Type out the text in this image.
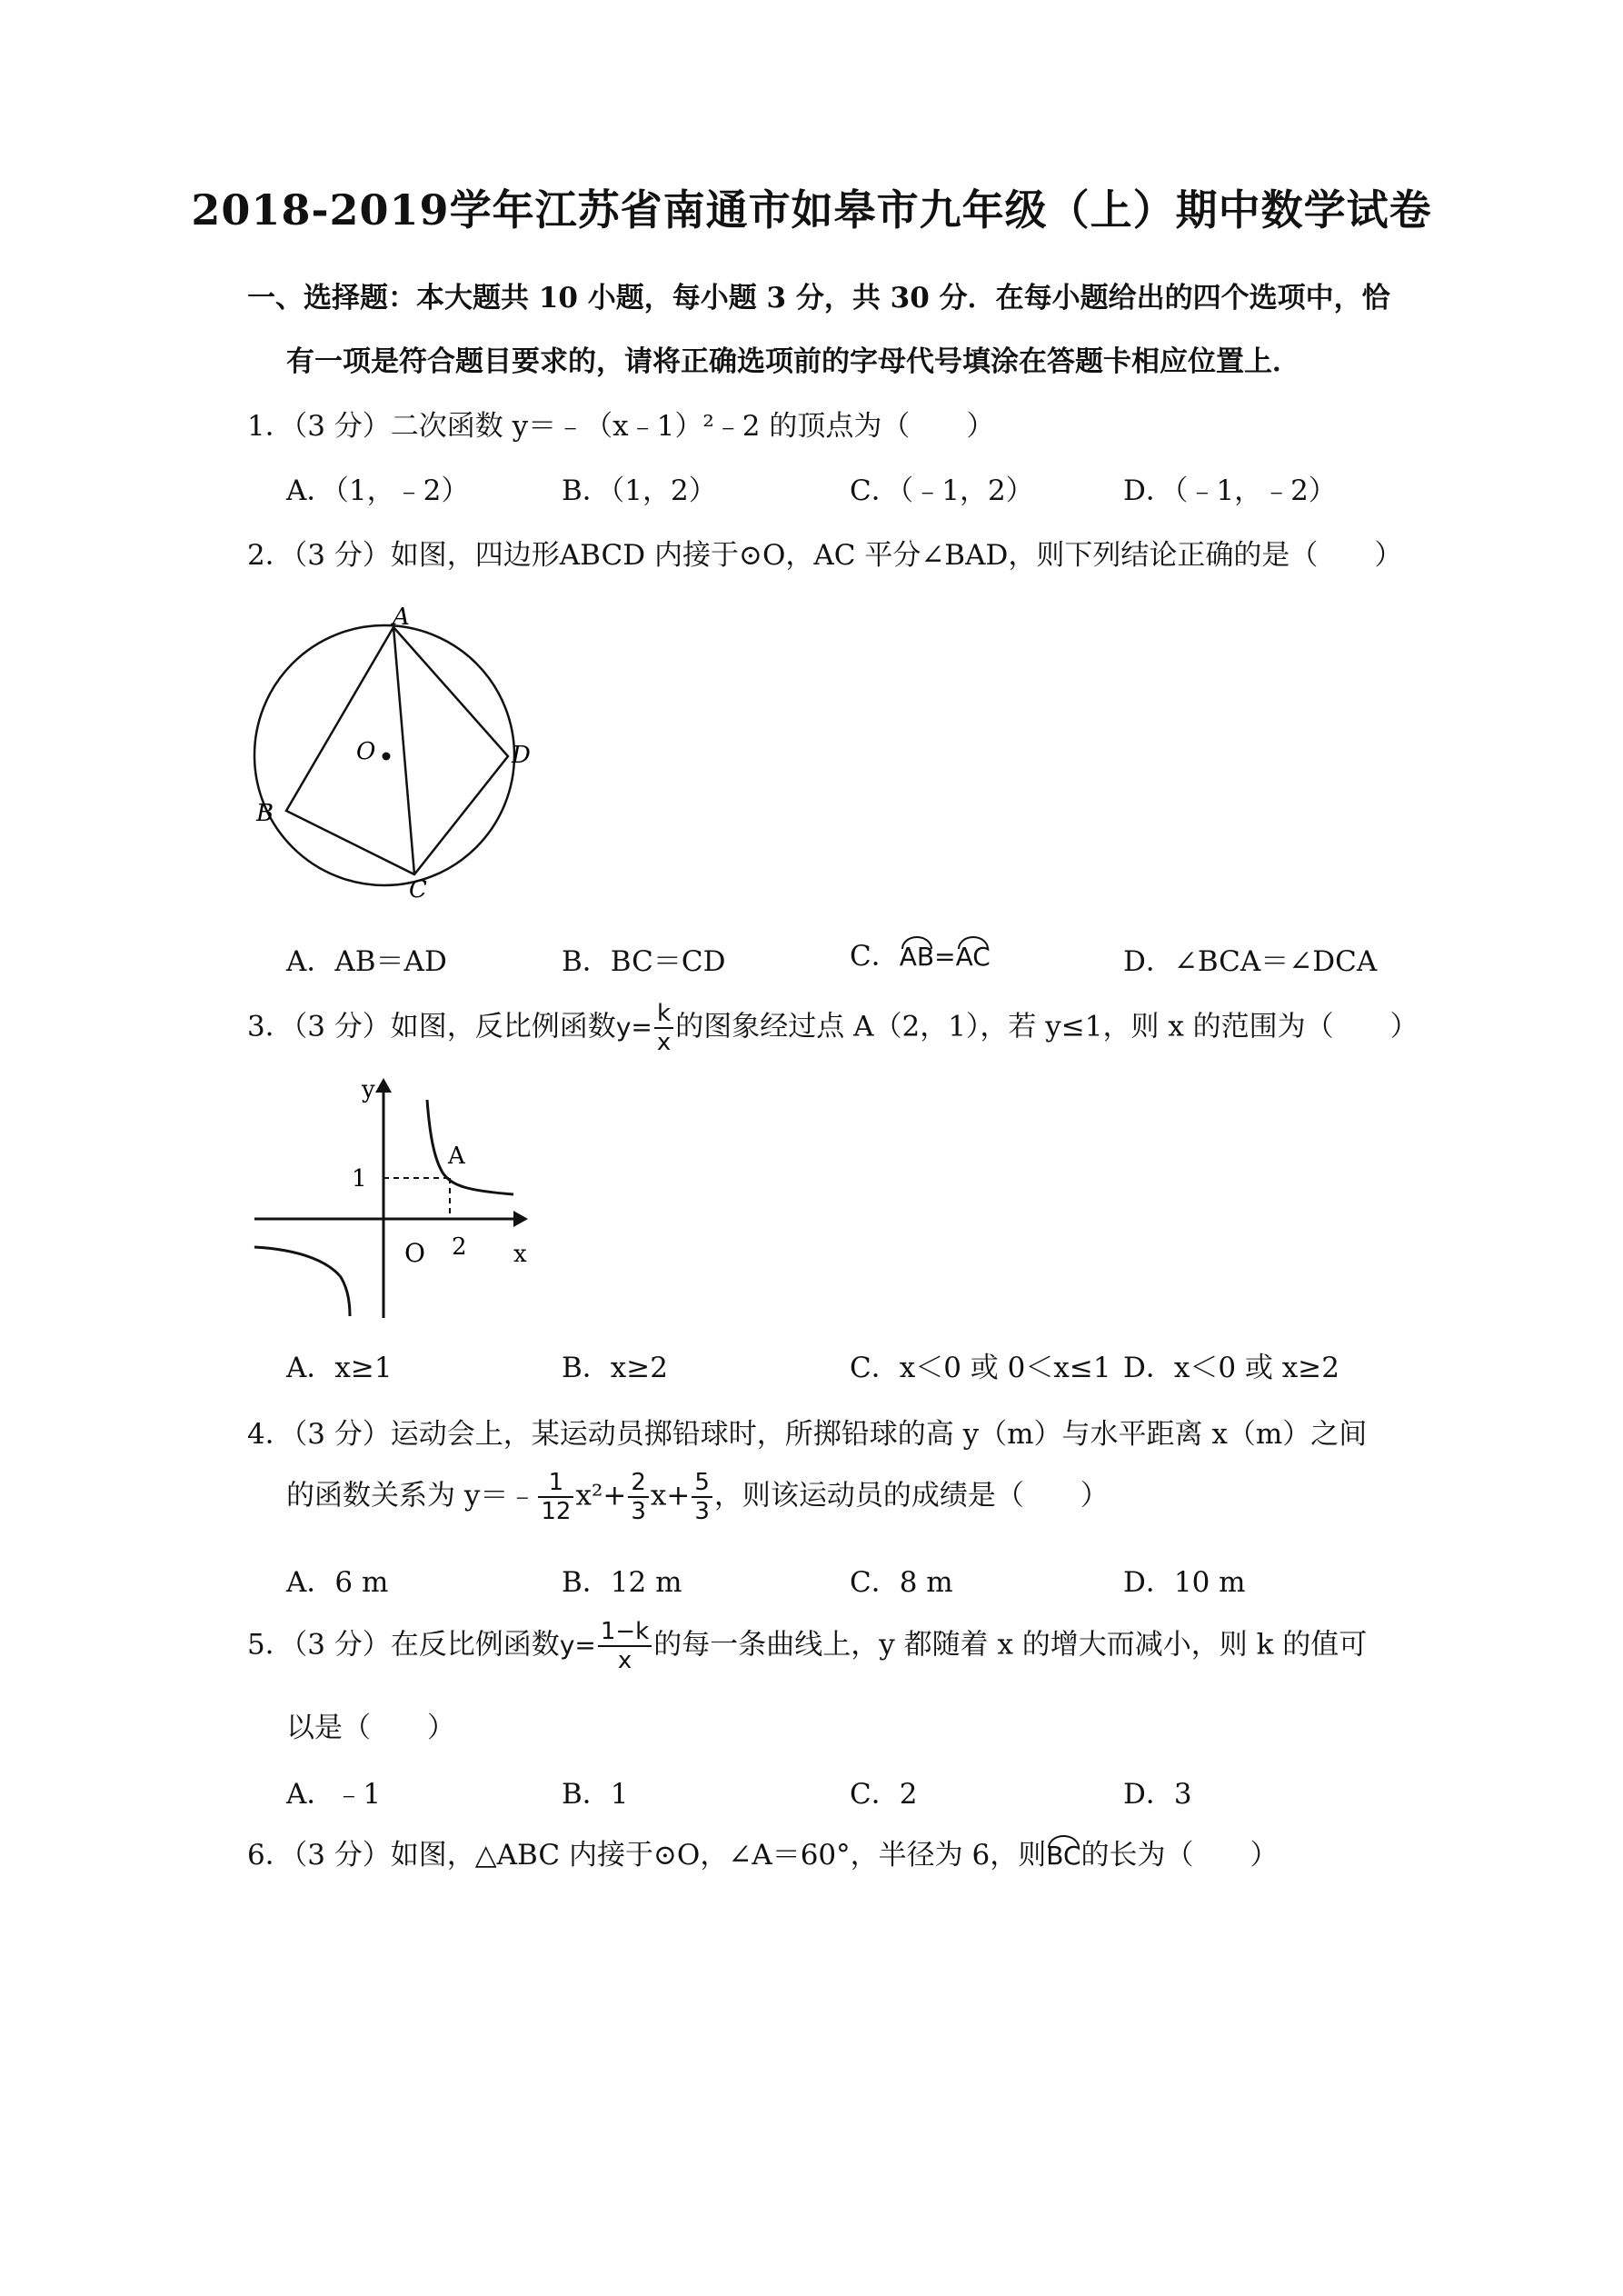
2018-2019学年江苏省南通市如皋市九年级（上）期中数学试卷
一、选择题：本大题共 10 小题，每小题 3 分，共 30 分．在每小题给出的四个选项中，恰
有一项是符合题目要求的，请将正确选项前的字母代号填涂在答题卡相应位置上．
1．（3 分）二次函数 y＝﹣（x﹣1）²﹣2 的顶点为（　　）
A．（1，﹣2）	B．（1，2）	C．（﹣1，2）	D．（﹣1，﹣2）
2．（3 分）如图，四边形ABCD 内接于⊙O，AC 平分∠BAD，则下列结论正确的是（　　）
A
B
C
D
O
A．AB＝AD	B．BC＝CD	C．AB=AC	D．∠BCA＝∠DCA
3．（3 分）如图，反比例函数$y= \frac{k}{x}$ 的图象经过点 A（2，1），若 y≤1，则 x 的范围为（　　）
y
x
O
1
2
A
A．x≥1	B．x≥2	C．x＜0 或 0＜x≤1 D．x＜0 或 x≥2
4．（3 分）运动会上，某运动员掷铅球时，所掷铅球的高 y（m）与水平距离 x（m）之间
的函数关系为 y＝﹣ $\frac{1}{12} x^2+ \frac{2}{3} x+ \frac{5}{3}$ ，则该运动员的成绩是（　　）
A．6 m	B．12 m	C．8 m	D．10 m
5．（3 分）在反比例函数$y= \frac{1-k}{x}$ 的每一条曲线上，y 都随着 x 的增大而减小，则 k 的值可
以是（　　）
A．﹣1	B．1	C．2	D．3
6．（3 分）如图，△ABC 内接于⊙O，∠A＝60°，半径为 6，则BC的长为（　　）
